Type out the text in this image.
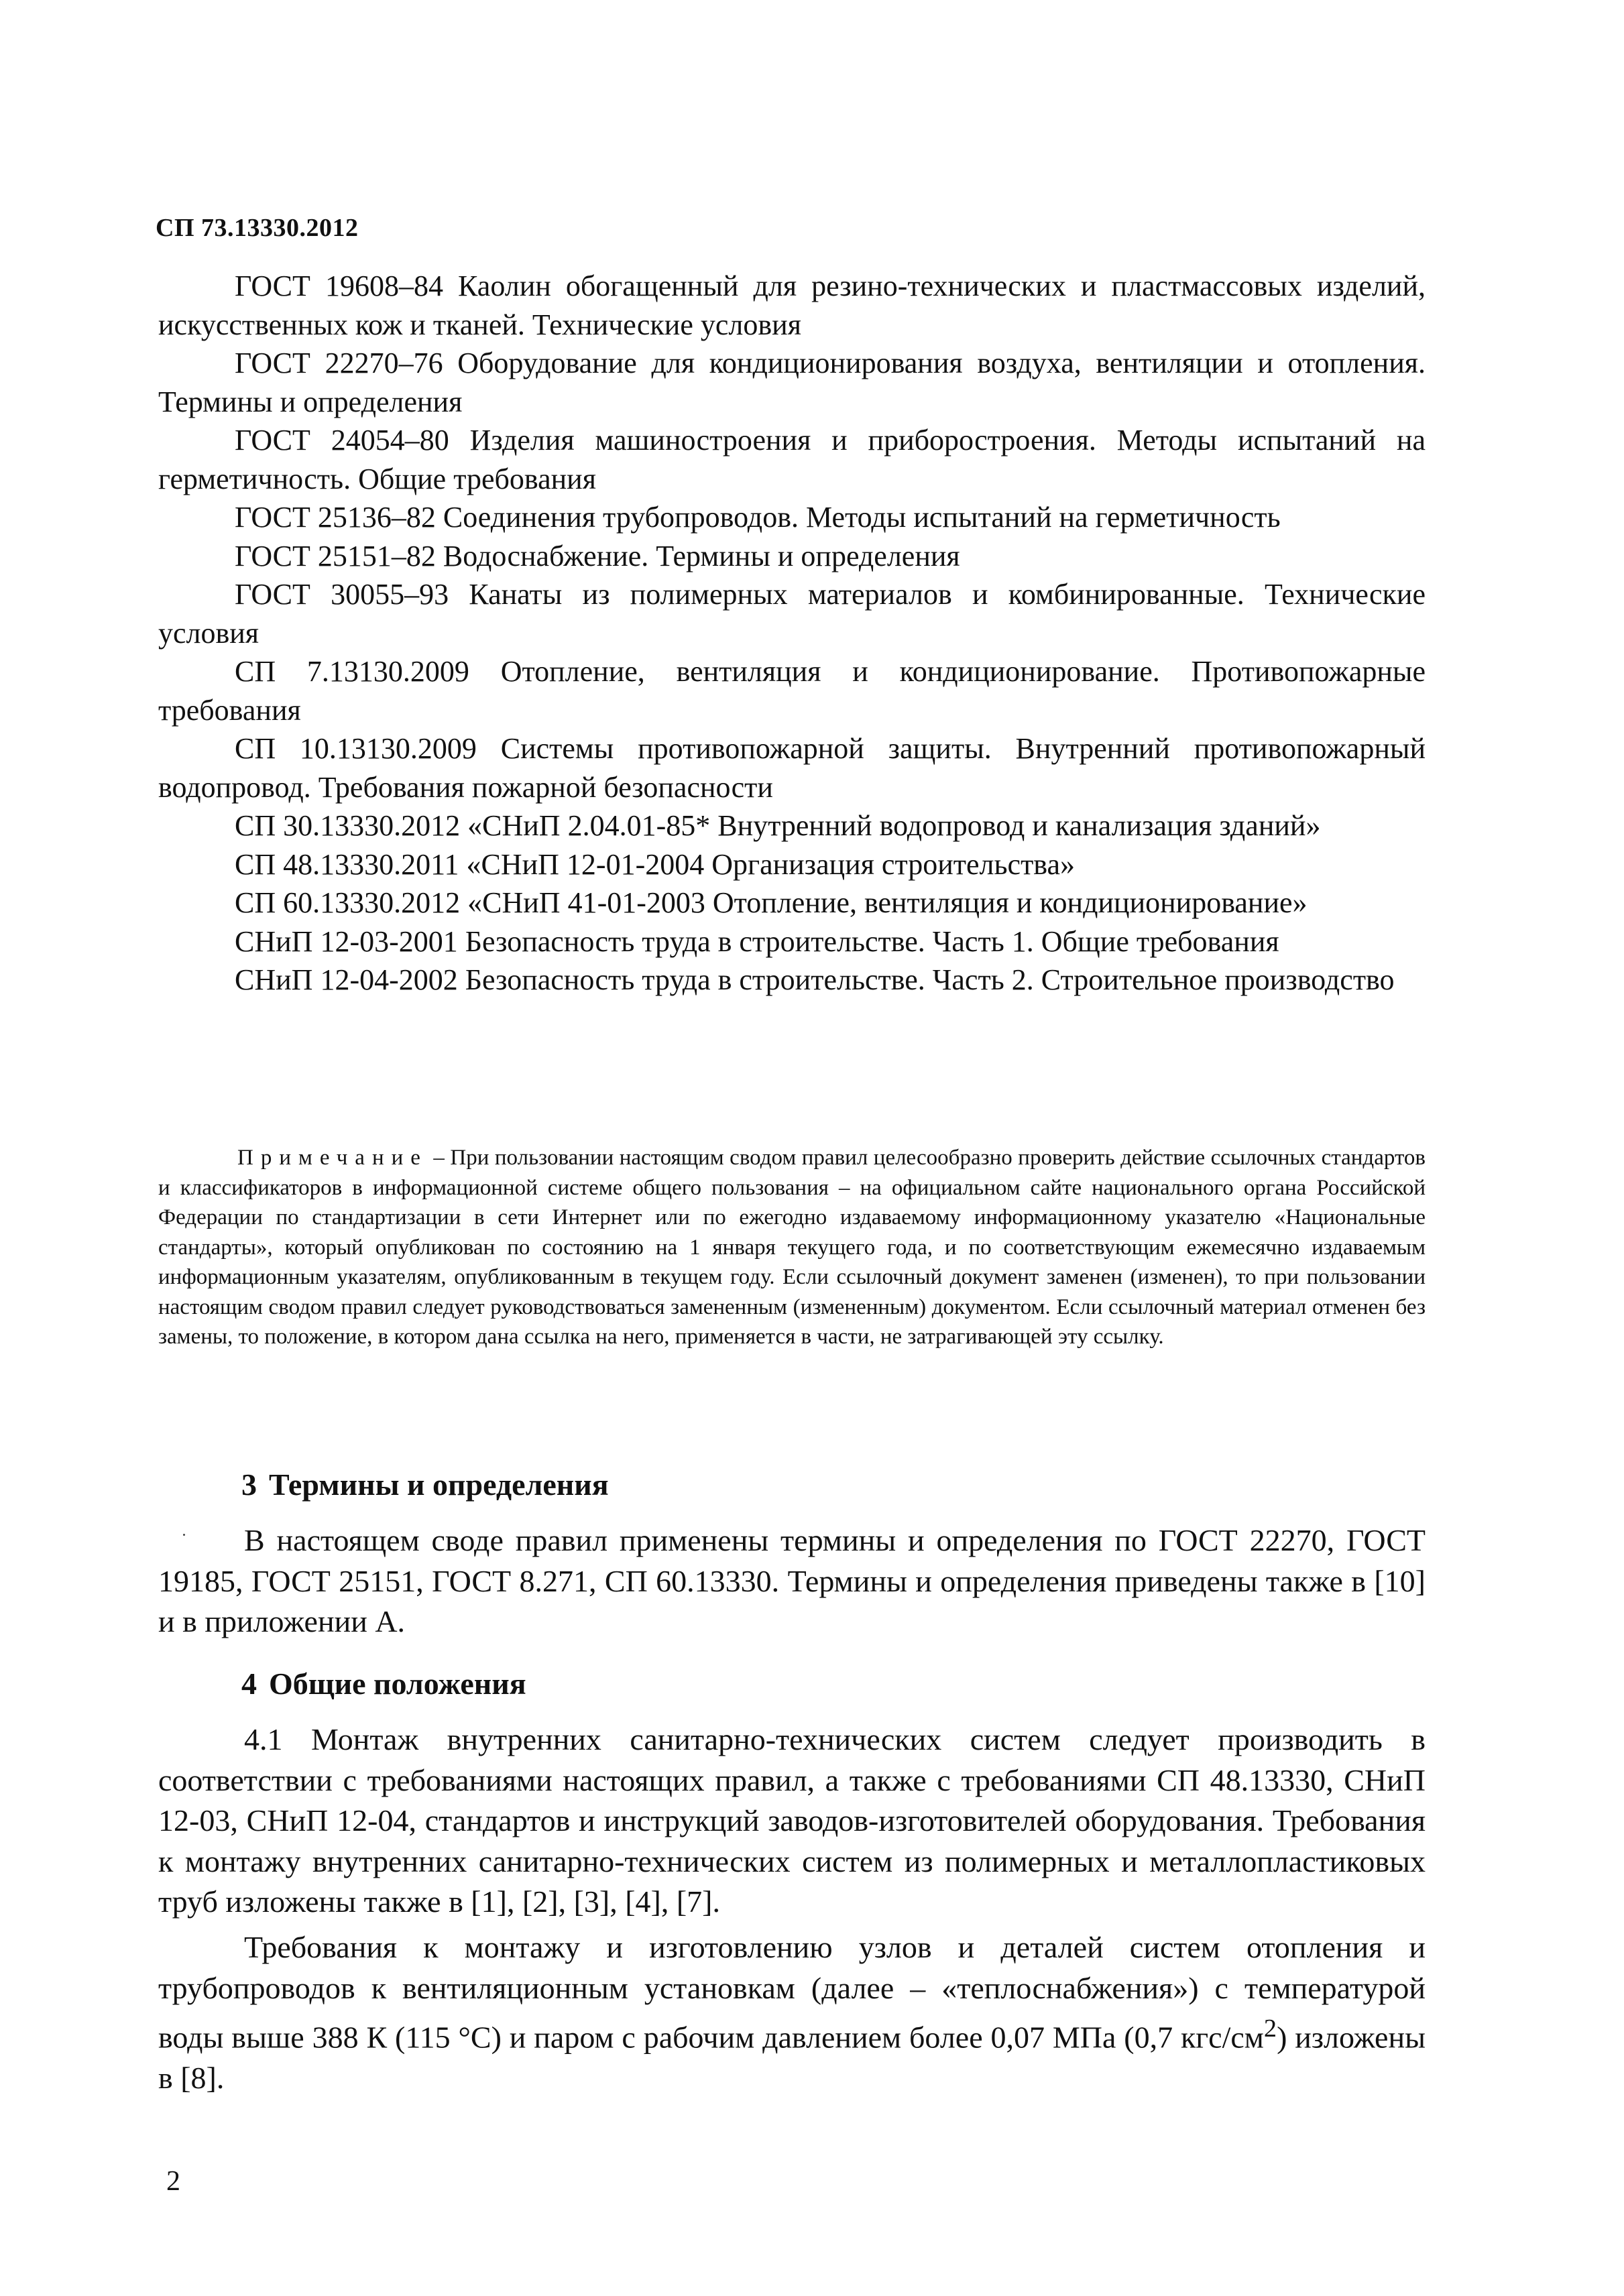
СП 73.13330.2012

ГОСТ 19608–84 Каолин обогащенный для резино-технических и пластмассовых изделий, искусственных кож и тканей. Технические условия

ГОСТ 22270–76 Оборудование для кондиционирования воздуха, вентиляции и отопления. Термины и определения

ГОСТ 24054–80 Изделия машиностроения и приборостроения. Методы испытаний на герметичность. Общие требования

ГОСТ 25136–82 Соединения трубопроводов. Методы испытаний на герметичность

ГОСТ 25151–82 Водоснабжение. Термины и определения

ГОСТ 30055–93 Канаты из полимерных материалов и комбинированные. Технические условия

СП 7.13130.2009 Отопление, вентиляция и кондиционирование. Противопожарные требования

СП 10.13130.2009 Системы противопожарной защиты. Внутренний противопожарный водопровод. Требования пожарной безопасности

СП 30.13330.2012 «СНиП 2.04.01-85* Внутренний водопровод и канализация зданий»

СП 48.13330.2011 «СНиП 12-01-2004 Организация строительства»

СП 60.13330.2012 «СНиП 41-01-2003 Отопление, вентиляция и кондиционирование»

СНиП 12-03-2001 Безопасность труда в строительстве. Часть 1. Общие требования

СНиП 12-04-2002 Безопасность труда в строительстве. Часть 2. Строительное производство

Примечание – При пользовании настоящим сводом правил целесообразно проверить действие ссылочных стандартов и классификаторов в информационной системе общего пользования – на официальном сайте национального органа Российской Федерации по стандартизации в сети Интернет или по ежегодно издаваемому информационному указателю «Национальные стандарты», который опубликован по состоянию на 1 января текущего года, и по соответствующим ежемесячно издаваемым информационным указателям, опубликованным в текущем году. Если ссылочный документ заменен (изменен), то при пользовании настоящим сводом правил следует руководствоваться замененным (измененным) документом. Если ссылочный материал отменен без замены, то положение, в котором дана ссылка на него, применяется в части, не затрагивающей эту ссылку.

3 Термины и определения

В настоящем своде правил применены термины и определения по ГОСТ 22270, ГОСТ 19185, ГОСТ 25151, ГОСТ 8.271, СП 60.13330. Термины и определения приведены также в [10] и в приложении А.

4 Общие положения

4.1 Монтаж внутренних санитарно-технических систем следует производить в соответствии с требованиями настоящих правил, а также с требованиями СП 48.13330, СНиП 12-03, СНиП 12-04, стандартов и инструкций заводов-изготовителей оборудования. Требования к монтажу внутренних санитарно-технических систем из полимерных и металлопластиковых труб изложены также в [1], [2], [3], [4], [7].

Требования к монтажу и изготовлению узлов и деталей систем отопления и трубопроводов к вентиляционным установкам (далее – «теплоснабжения») с температурой воды выше 388 К (115 °С) и паром с рабочим давлением более 0,07 МПа (0,7 кгс/$см^2$) изложены в [8].

2
